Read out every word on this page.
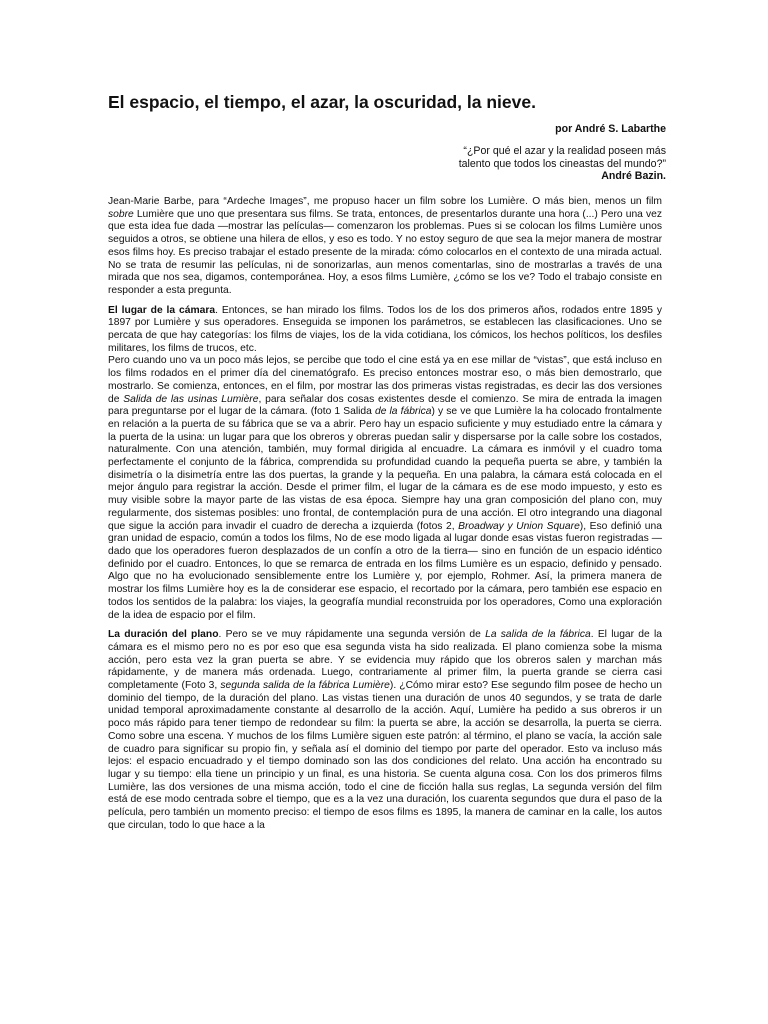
El espacio, el tiempo, el azar, la oscuridad, la nieve.
por André S. Labarthe
“¿Por qué el azar y la realidad poseen más
talento que todos los cineastas del mundo?”
André Bazin.

Jean-Marie Barbe, para “Ardeche Images”, me propuso hacer un film sobre los Lumière. O más bien, menos un film sobre Lumière que uno que presentara sus films. Se trata, entonces, de presentarlos durante una hora (...) Pero una vez que esta idea fue dada —mostrar las películas— comenzaron los problemas. Pues si se colocan los films Lumière unos seguidos a otros, se obtiene una hilera de ellos, y eso es todo. Y no estoy seguro de que sea la mejor manera de mostrar esos films hoy. Es preciso trabajar el estado presente de la mirada: cómo colocarlos en el contexto de una mirada actual. No se trata de resumir las películas, ni de sonorizarlas, aun menos comentarlas, sino de mostrarlas a través de una mirada que nos sea, digamos, contemporánea. Hoy, a esos films Lumière, ¿cómo se los ve? Todo el trabajo consiste en responder a esta pregunta.

El lugar de la cámara. Entonces, se han mirado los films. Todos los de los dos primeros años, rodados entre 1895 y 1897 por Lumière y sus operadores. Enseguida se imponen los parámetros, se establecen las clasificaciones. Uno se percata de que hay categorías: los films de viajes, los de la vida cotidiana, los cómicos, los hechos políticos, los desfiles militares, los films de trucos, etc.

Pero cuando uno va un poco más lejos, se percibe que todo el cine está ya en ese millar de “vistas”, que está incluso en los films rodados en el primer día del cinematógrafo. Es preciso entonces mostrar eso, o más bien demostrarlo, que mostrarlo. Se comienza, entonces, en el film, por mostrar las dos primeras vistas registradas, es decir las dos versiones de Salida de las usinas Lumière, para señalar dos cosas existentes desde el comienzo. Se mira de entrada la imagen para preguntarse por el lugar de la cámara. (foto 1 Salida de la fábrica) y se ve que Lumière la ha colocado frontalmente en relación a la puerta de su fábrica que se va a abrir. Pero hay un espacio suficiente y muy estudiado entre la cámara y la puerta de la usina: un lugar para que los obreros y obreras puedan salir y dispersarse por la calle sobre los costados, naturalmente. Con una atención, también, muy formal dirigida al encuadre. La cámara es inmóvil y el cuadro toma perfectamente el conjunto de la fábrica, comprendida su profundidad cuando la pequeña puerta se abre, y también la disimetría o la disimetría entre las dos puertas, la grande y la pequeña. En una palabra, la cámara está colocada en el mejor ángulo para registrar la acción. Desde el primer film, el lugar de la cámara es de ese modo impuesto, y esto es muy visible sobre la mayor parte de las vistas de esa época. Siempre hay una gran composición del plano con, muy regularmente, dos sistemas posibles: uno frontal, de contemplación pura de una acción. El otro integrando una diagonal que sigue la acción para invadir el cuadro de derecha a izquierda (fotos 2, Broadway y Union Square), Eso definió una gran unidad de espacio, común a todos los films, No de ese modo ligada al lugar donde esas vistas fueron registradas —dado que los operadores fueron desplazados de un confín a otro de la tierra— sino en función de un espacio idéntico definido por el cuadro. Entonces, lo que se remarca de entrada en los films Lumière es un espacio, definido y pensado. Algo que no ha evolucionado sensiblemente entre los Lumière y, por ejemplo, Rohmer. Así, la primera manera de mostrar los films Lumière hoy es la de considerar ese espacio, el recortado por la cámara, pero también ese espacio en todos los sentidos de la palabra: los viajes, la geografía mundial reconstruida por los operadores, Como una exploración de la idea de espacio por el film.

La duración del plano. Pero se ve muy rápidamente una segunda versión de La salida de la fábrica. El lugar de la cámara es el mismo pero no es por eso que esa segunda vista ha sido realizada. El plano comienza sobe la misma acción, pero esta vez la gran puerta se abre. Y se evidencia muy rápido que los obreros salen y marchan más rápidamente, y de manera más ordenada. Luego, contrariamente al primer film, la puerta grande se cierra casi completamente (Foto 3, segunda salida de la fábrica Lumière). ¿Cómo mirar esto? Ese segundo film posee de hecho un dominio del tiempo, de la duración del plano. Las vistas tienen una duración de unos 40 segundos, y se trata de darle unidad temporal aproximadamente constante al desarrollo de la acción. Aquí, Lumière ha pedido a sus obreros ir un poco más rápido para tener tiempo de redondear su film: la puerta se abre, la acción se desarrolla, la puerta se cierra. Como sobre una escena. Y muchos de los films Lumière siguen este patrón: al término, el plano se vacía, la acción sale de cuadro para significar su propio fin, y señala así el dominio del tiempo por parte del operador. Esto va incluso más lejos: el espacio encuadrado y el tiempo dominado son las dos condiciones del relato. Una acción ha encontrado su lugar y su tiempo: ella tiene un principio y un final, es una historia. Se cuenta alguna cosa. Con los dos primeros films Lumière, las dos versiones de una misma acción, todo el cine de ficción halla sus reglas, La segunda versión del film está de ese modo centrada sobre el tiempo, que es a la vez una duración, los cuarenta segundos que dura el paso de la película, pero también un momento preciso: el tiempo de esos films es 1895, la manera de caminar en la calle, los autos que circulan, todo lo que hace a la
